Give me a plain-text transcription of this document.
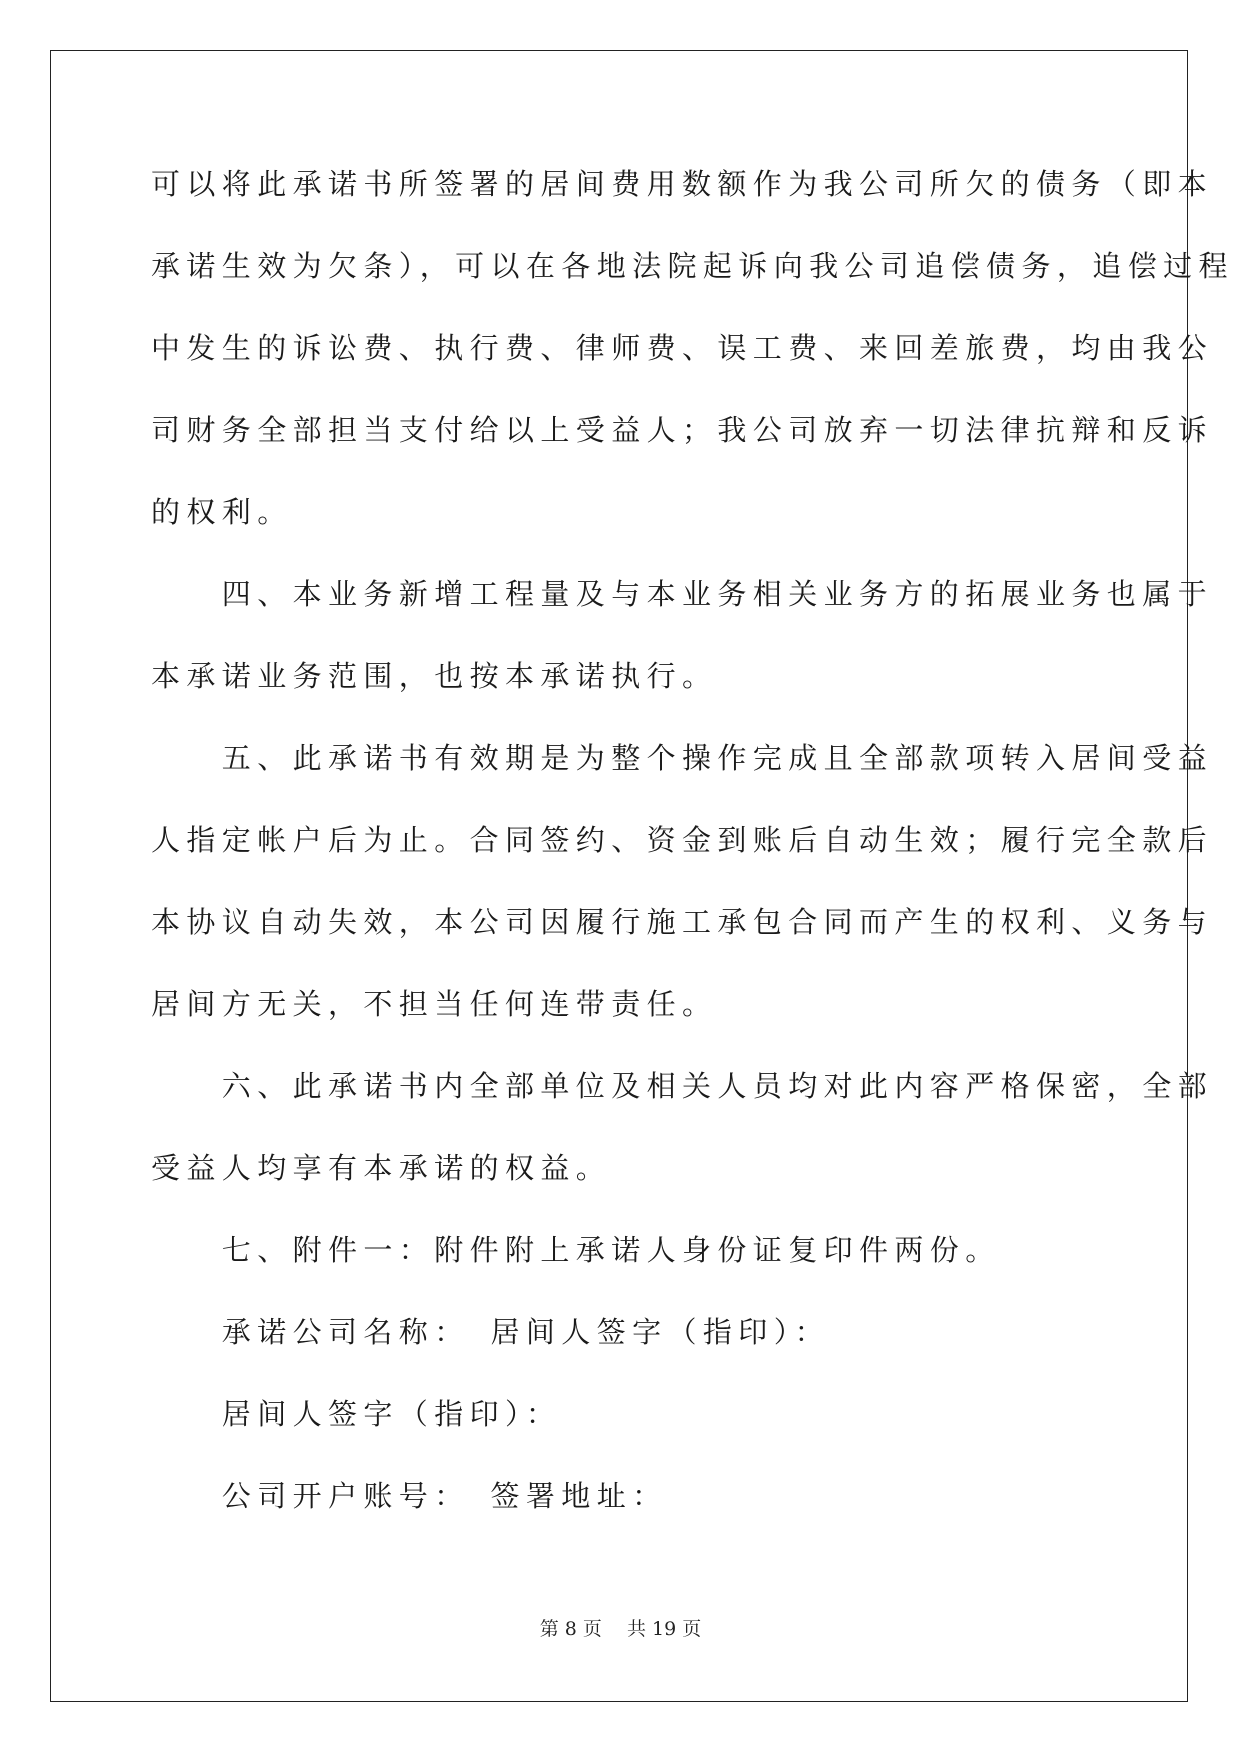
可以将此承诺书所签署的居间费用数额作为我公司所欠的债务（即本
承诺生效为欠条），可以在各地法院起诉向我公司追偿债务，追偿过程
中发生的诉讼费、执行费、律师费、误工费、来回差旅费，均由我公
司财务全部担当支付给以上受益人；我公司放弃一切法律抗辩和反诉
的权利。
　　四、本业务新增工程量及与本业务相关业务方的拓展业务也属于
本承诺业务范围，也按本承诺执行。
　　五、此承诺书有效期是为整个操作完成且全部款项转入居间受益
人指定帐户后为止。合同签约、资金到账后自动生效；履行完全款后
本协议自动失效，本公司因履行施工承包合同而产生的权利、义务与
居间方无关，不担当任何连带责任。
　　六、此承诺书内全部单位及相关人员均对此内容严格保密，全部
受益人均享有本承诺的权益。
　　七、附件一：附件附上承诺人身份证复印件两份。
　　承诺公司名称：　居间人签字（指印）：
　　居间人签字（指印）：
　　公司开户账号：　签署地址：
第 8 页　 共 19 页
